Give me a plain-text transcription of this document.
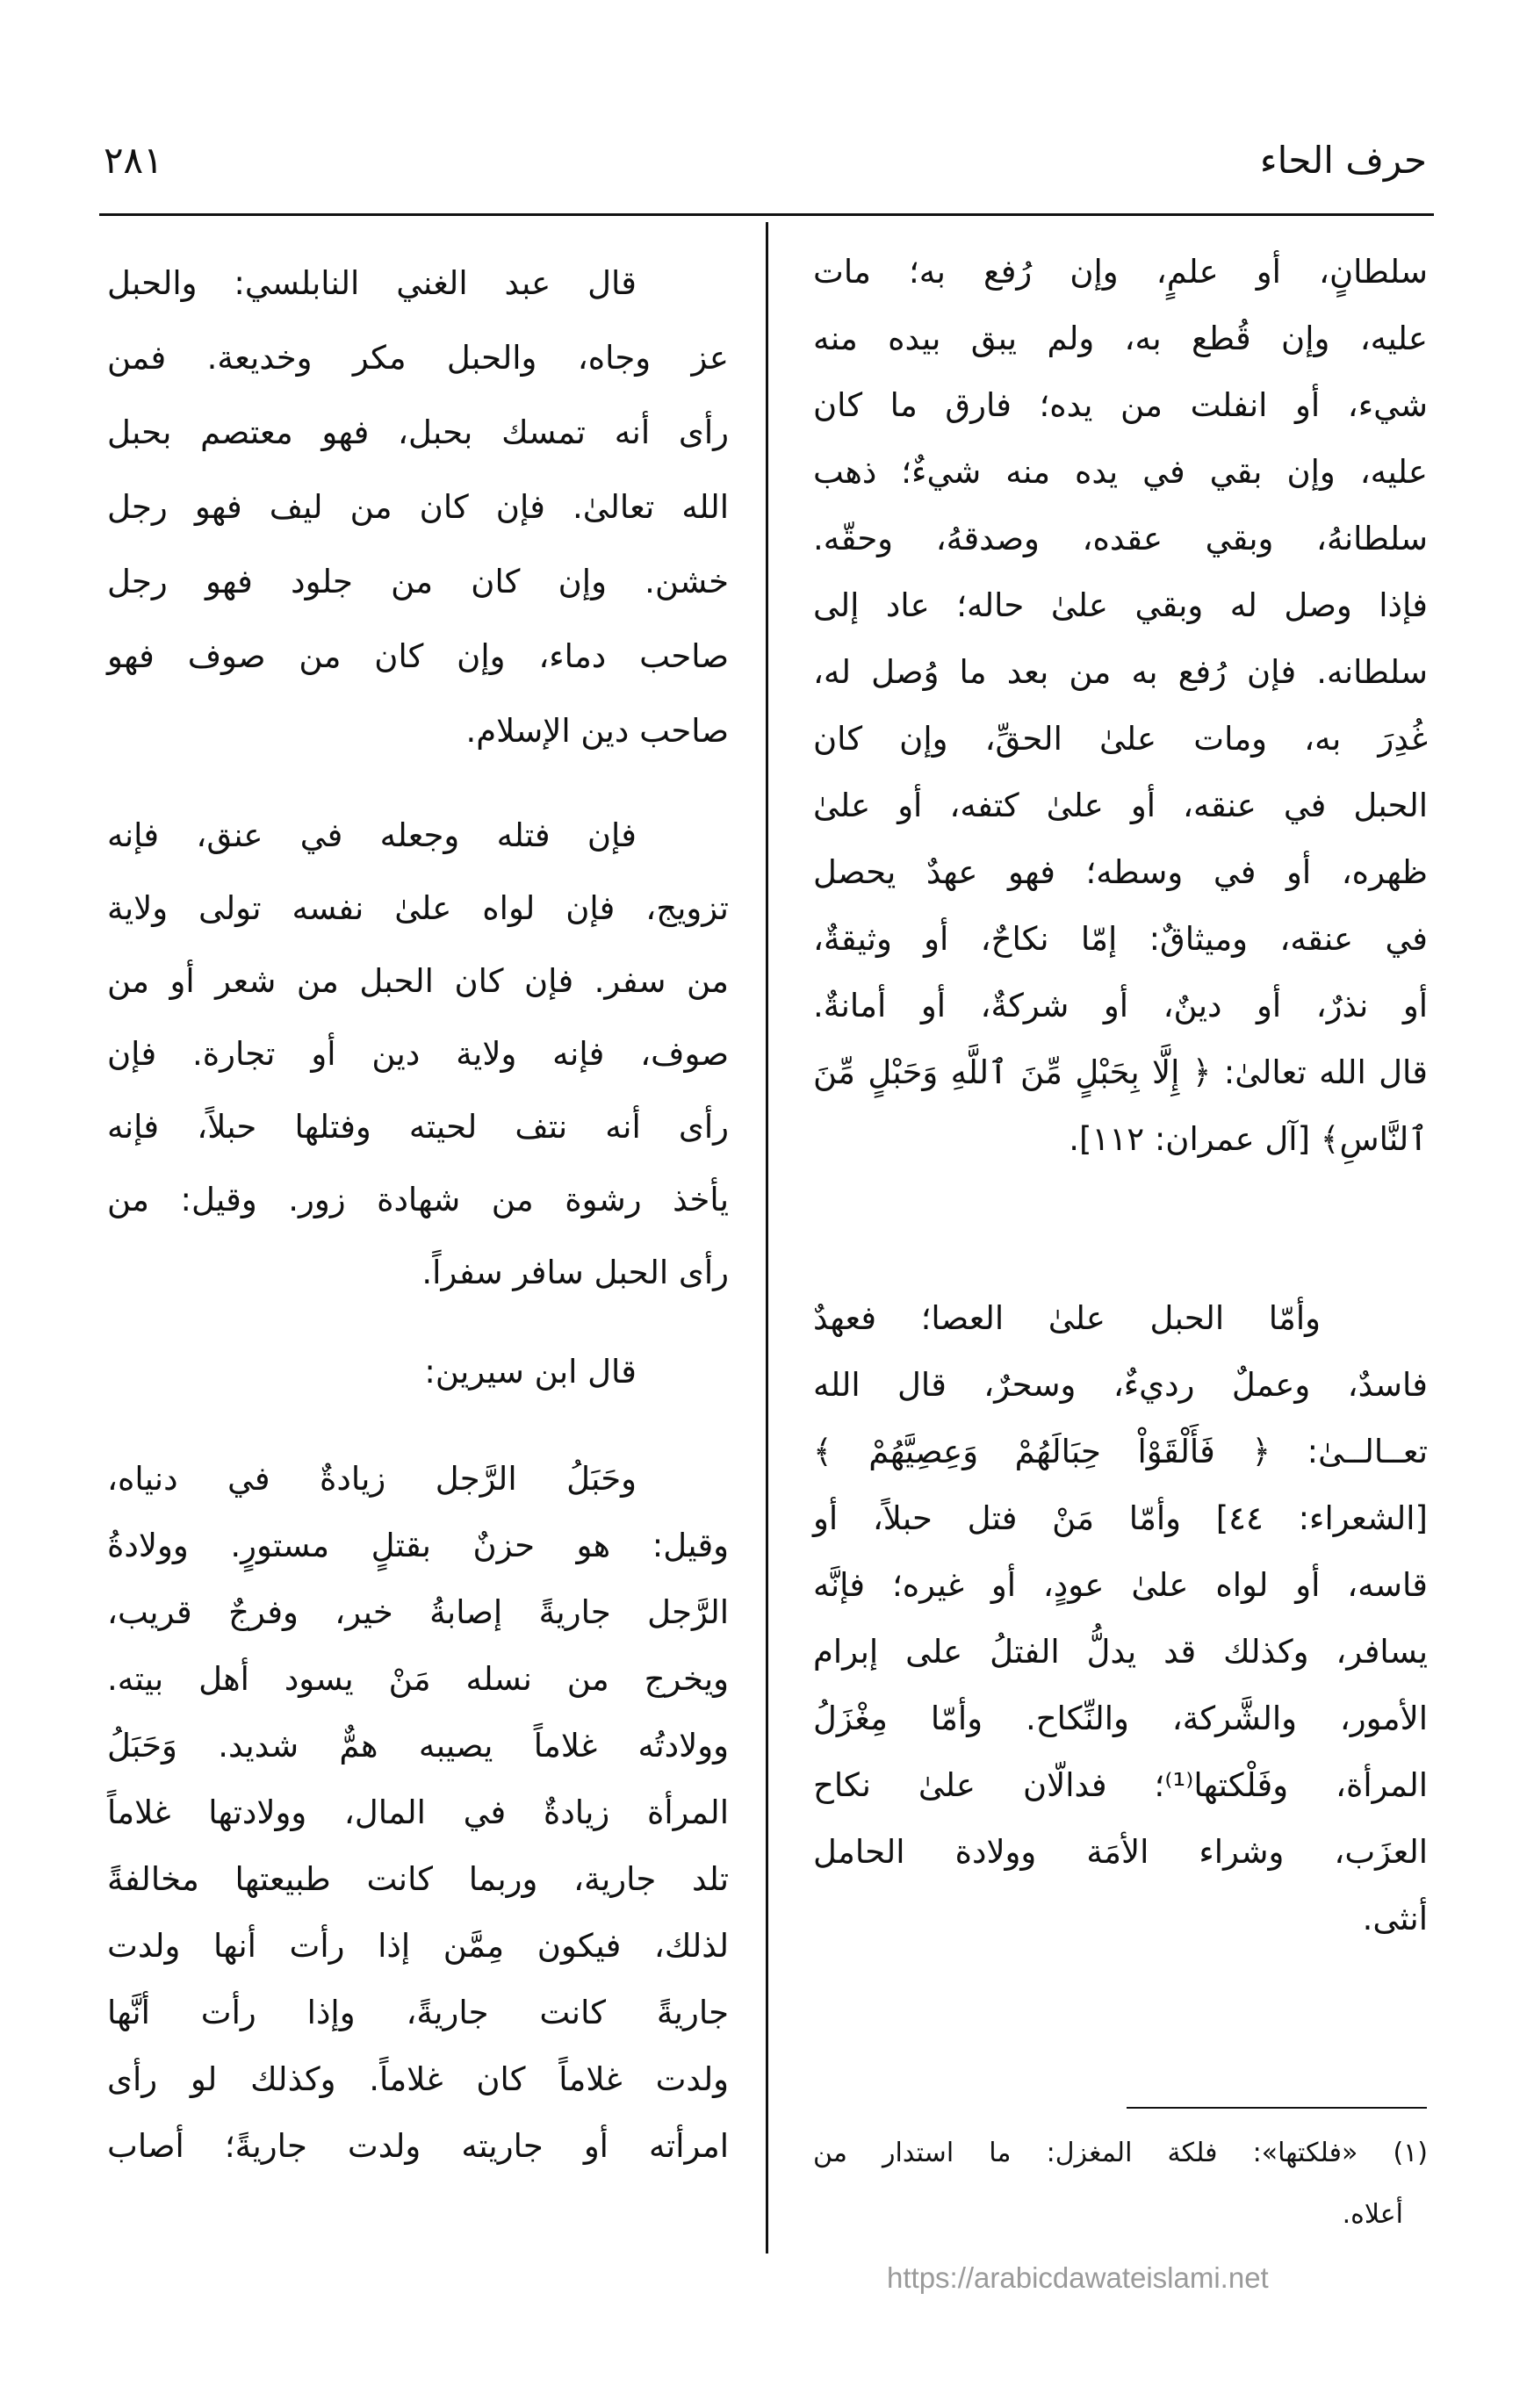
حرف الحاء
٢٨١
سلطانٍ، أو علمٍ، وإن رُفع به؛ مات
عليه، وإن قُطع به، ولم يبق بيده منه
شيء، أو انفلت من يده؛ فارق ما كان
عليه، وإن بقي في يده منه شيءٌ؛ ذهب
سلطانهُ، وبقي عقده، وصدقهُ، وحقّه.
فإذا وصل له وبقي علىٰ حاله؛ عاد إلى
سلطانه. فإن رُفع به من بعد ما وُصل له،
غُدِرَ به، ومات علىٰ الحقِّ، وإن كان
الحبل في عنقه، أو علىٰ كتفه، أو علىٰ
ظهره، أو في وسطه؛ فهو عهدٌ يحصل
في عنقه، وميثاقٌ: إمّا نكاحٌ، أو وثيقةٌ،
أو نذرٌ، أو دينٌ، أو شركةٌ، أو أمانةٌ.
قال الله تعالىٰ: ﴿ إِلَّا بِحَبْلٍ مِّنَ ٱللَّهِ وَحَبْلٍ مِّنَ
ٱلنَّاسِ﴾ [آل عمران: ١١٢].
وأمّا الحبل علىٰ العصا؛ فعهدٌ
فاسدٌ، وعملٌ رديءٌ، وسحرٌ، قال الله
تعــالــىٰ: ﴿ فَأَلْقَوْاْ حِبَالَهُمْ وَعِصِيَّهُمْ ﴾
[الشعراء: ٤٤] وأمّا مَنْ فتل حبلاً، أو
قاسه، أو لواه علىٰ عودٍ، أو غيره؛ فإنَّه
يسافر، وكذلك قد يدلُّ الفتلُ على إبرام
الأمور، والشَّركة، والنِّكاح. وأمّا مِغْزَلُ
المرأة، وفَلْكتها⁽¹⁾؛ فدالّان علىٰ نكاح
العزَب، وشراء الأمَة وولادة الحامل
أنثى.
(١) «فلكتها»: فلكة المغزل: ما استدار من
أعلاه.
قال عبد الغني النابلسي: والحبل
عز وجاه، والحبل مكر وخديعة. فمن
رأى أنه تمسك بحبل، فهو معتصم بحبل
الله تعالىٰ. فإن كان من ليف فهو رجل
خشن. وإن كان من جلود فهو رجل
صاحب دماء، وإن كان من صوف فهو
صاحب دين الإسلام.
فإن فتله وجعله في عنق، فإنه
تزويج، فإن لواه علىٰ نفسه تولى ولاية
من سفر. فإن كان الحبل من شعر أو من
صوف، فإنه ولاية دين أو تجارة. فإن
رأى أنه نتف لحيته وفتلها حبلاً، فإنه
يأخذ رشوة من شهادة زور. وقيل: من
رأى الحبل سافر سفراً.
قال ابن سيرين:
وحَبَلُ الرَّجل زيادةٌ في دنياه،
وقيل: هو حزنٌ بقتلٍ مستورٍ. وولادةُ
الرَّجل جاريةً إصابةُ خير، وفرجٌ قريب،
ويخرج من نسله مَنْ يسود أهل بيته.
وولادتُه غلاماً يصيبه همٌّ شديد. وَحَبَلُ
المرأة زيادةٌ في المال، وولادتها غلاماً
تلد جارية، وربما كانت طبيعتها مخالفةً
لذلك، فيكون مِمَّن إذا رأت أنها ولدت
جاريةً كانت جاريةً، وإذا رأت أنَّها
ولدت غلاماً كان غلاماً. وكذلك لو رأى
امرأته أو جاريته ولدت جاريةً؛ أصاب
https://arabicdawateislami.net
